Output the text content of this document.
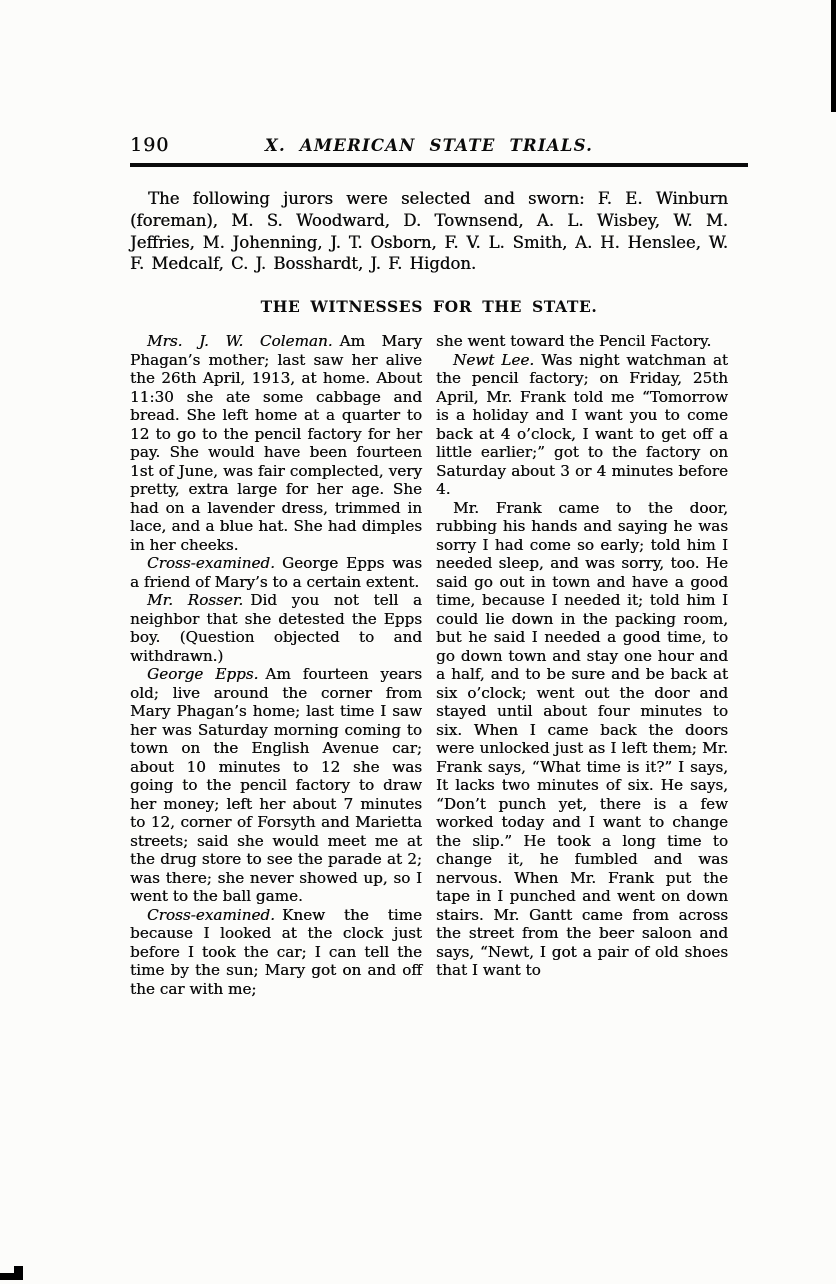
190	X. AMERICAN STATE TRIALS.

The following jurors were selected and sworn: F. E. Winburn (foreman), M. S. Woodward, D. Townsend, A. L. Wisbey, W. M. Jeffries, M. Johenning, J. T. Osborn, F. V. L. Smith, A. H. Henslee, W. F. Medcalf, C. J. Bosshardt, J. F. Higdon.

THE WITNESSES FOR THE STATE.

Mrs. J. W. Coleman. Am Mary Phagan’s mother; last saw her alive the 26th April, 1913, at home. About 11:30 she ate some cabbage and bread. She left home at a quarter to 12 to go to the pencil factory for her pay. She would have been fourteen 1st of June, was fair complected, very pretty, extra large for her age. She had on a lavender dress, trimmed in lace, and a blue hat. She had dimples in her cheeks.

Cross-examined. George Epps was a friend of Mary’s to a certain extent.

Mr. Rosser. Did you not tell a neighbor that she detested the Epps boy. (Question objected to and withdrawn.)

George Epps. Am fourteen years old; live around the corner from Mary Phagan’s home; last time I saw her was Saturday morning coming to town on the English Avenue car; about 10 minutes to 12 she was going to the pencil factory to draw her money; left her about 7 minutes to 12, corner of Forsyth and Marietta streets; said she would meet me at the drug store to see the parade at 2; was there; she never showed up, so I went to the ball game.

Cross-examined. Knew the time because I looked at the clock just before I took the car; I can tell the time by the sun; Mary got on and off the car with me;

she went toward the Pencil Factory.

Newt Lee. Was night watchman at the pencil factory; on Friday, 25th April, Mr. Frank told me “Tomorrow is a holiday and I want you to come back at 4 o’clock, I want to get off a little earlier;” got to the factory on Saturday about 3 or 4 minutes before 4.

Mr. Frank came to the door, rubbing his hands and saying he was sorry I had come so early; told him I needed sleep, and was sorry, too. He said go out in town and have a good time, because I needed it; told him I could lie down in the packing room, but he said I needed a good time, to go down town and stay one hour and a half, and to be sure and be back at six o’clock; went out the door and stayed until about four minutes to six. When I came back the doors were unlocked just as I left them; Mr. Frank says, “What time is it?” I says, It lacks two minutes of six. He says, “Don’t punch yet, there is a few worked today and I want to change the slip.” He took a long time to change it, he fumbled and was nervous. When Mr. Frank put the tape in I punched and went on down stairs. Mr. Gantt came from across the street from the beer saloon and says, “Newt, I got a pair of old shoes that I want to
